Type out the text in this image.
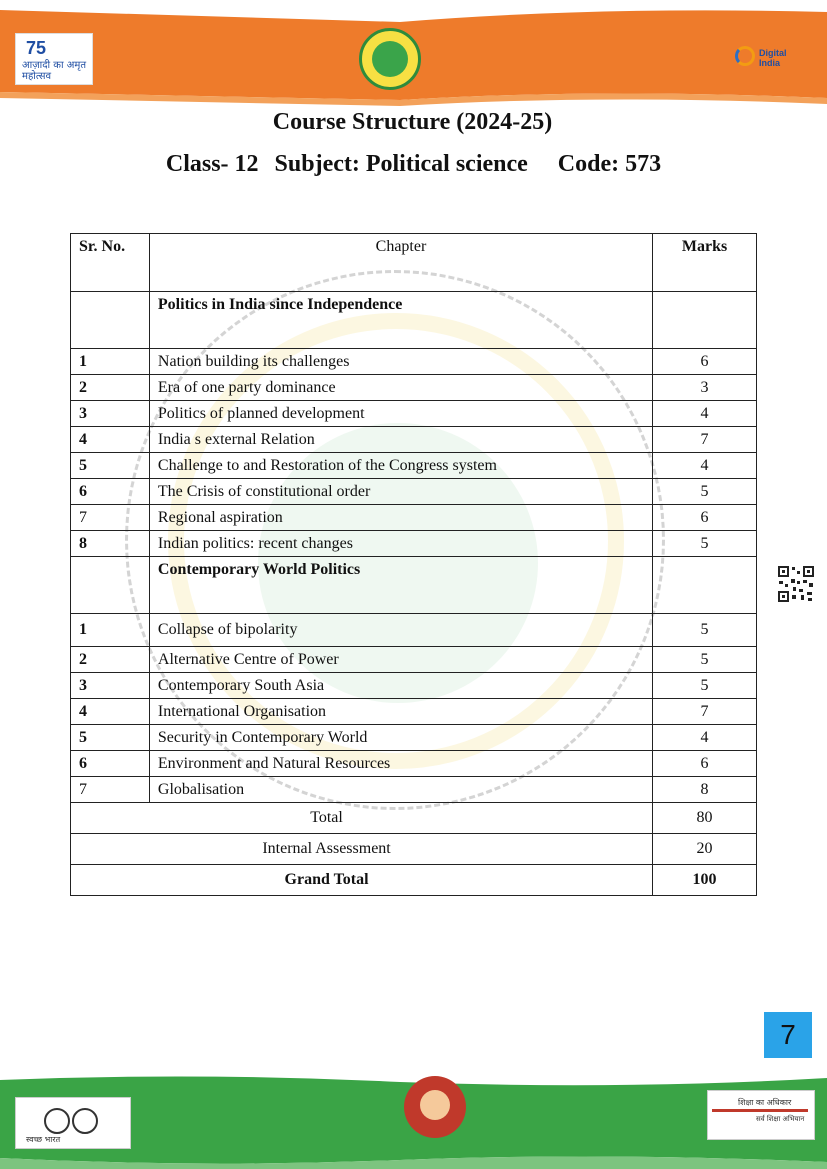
75
आज़ादी का अमृत महोत्सव
Digital India
Course Structure (2024-25)
Class- 12 Subject: Political science Code: 573
Sr. No.	Chapter	Marks
	Politics in India since Independence	
1	Nation building its challenges	6
2	Era of one party dominance	3
3	Politics of planned development	4
4	India s external Relation	7
5	Challenge to and Restoration of the Congress system	4
6	The Crisis of constitutional order	5
7	Regional aspiration	6
8	Indian politics: recent changes	5
	Contemporary World Politics	
1	Collapse of bipolarity	5
2	Alternative Centre of Power	5
3	Contemporary South Asia	5
4	International Organisation	7
5	Security in Contemporary World	4
6	Environment and Natural Resources	6
7	Globalisation	8
Total		80
Internal Assessment		20
Grand Total		100
7
स्वच्छ भारत
शिक्षा का अधिकार
सर्व शिक्षा अभियान
